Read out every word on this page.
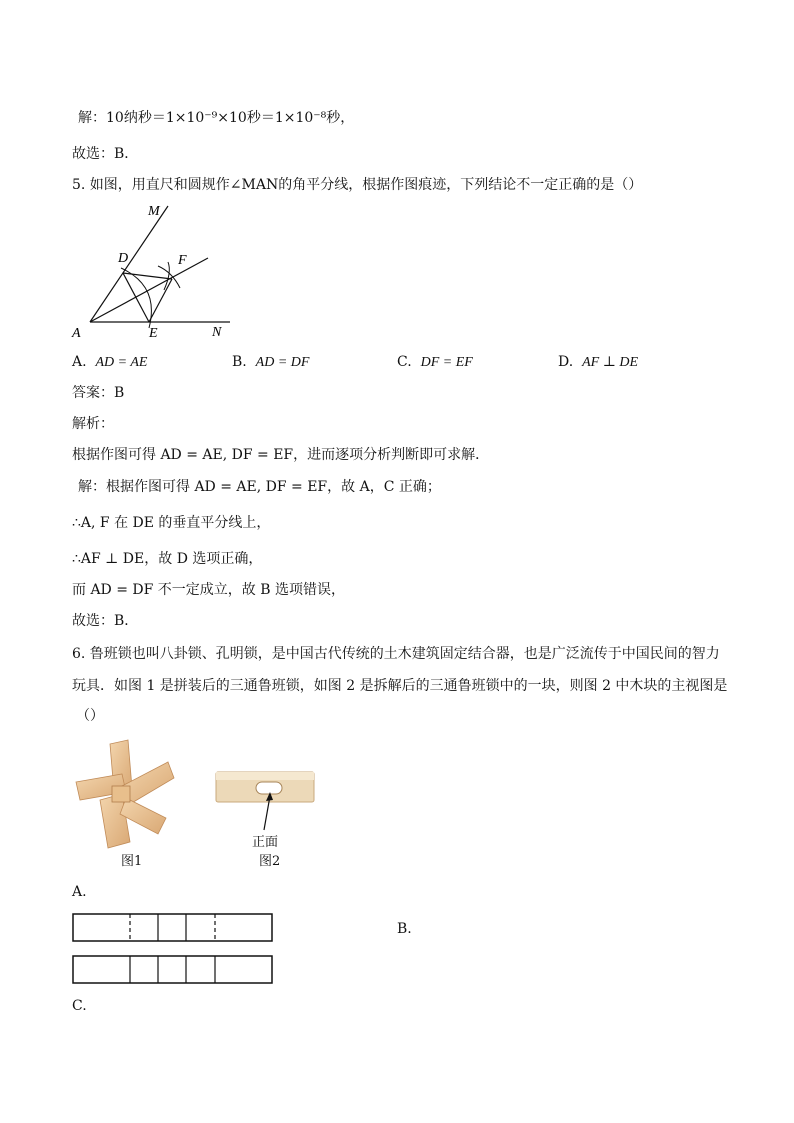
解：10纳秒＝1×10⁻⁹×10秒＝1×10⁻⁸秒，
故选：B．
5. 如图，用直尺和圆规作∠MAN的角平分线，根据作图痕迹，下列结论不一定正确的是（）
M
D	F
A	E	N
A. AD = AE	B. AD = DF	C. DF = EF	D. AF ⊥ DE
答案：B
解析：
根据作图可得 AD = AE, DF = EF，进而逐项分析判断即可求解．
解：根据作图可得 AD = AE, DF = EF，故 A，C 正确；
∴A, F 在 DE 的垂直平分线上，
∴AF ⊥ DE，故 D 选项正确，
而 AD = DF 不一定成立，故 B 选项错误，
故选：B．
6. 鲁班锁也叫八卦锁、孔明锁，是中国古代传统的土木建筑固定结合器，也是广泛流传于中国民间的智力
玩具．如图 1 是拼装后的三通鲁班锁，如图 2 是拆解后的三通鲁班锁中的一块，则图 2 中木块的主视图是
（）
图1
正面
图2
A.
B.
C.
